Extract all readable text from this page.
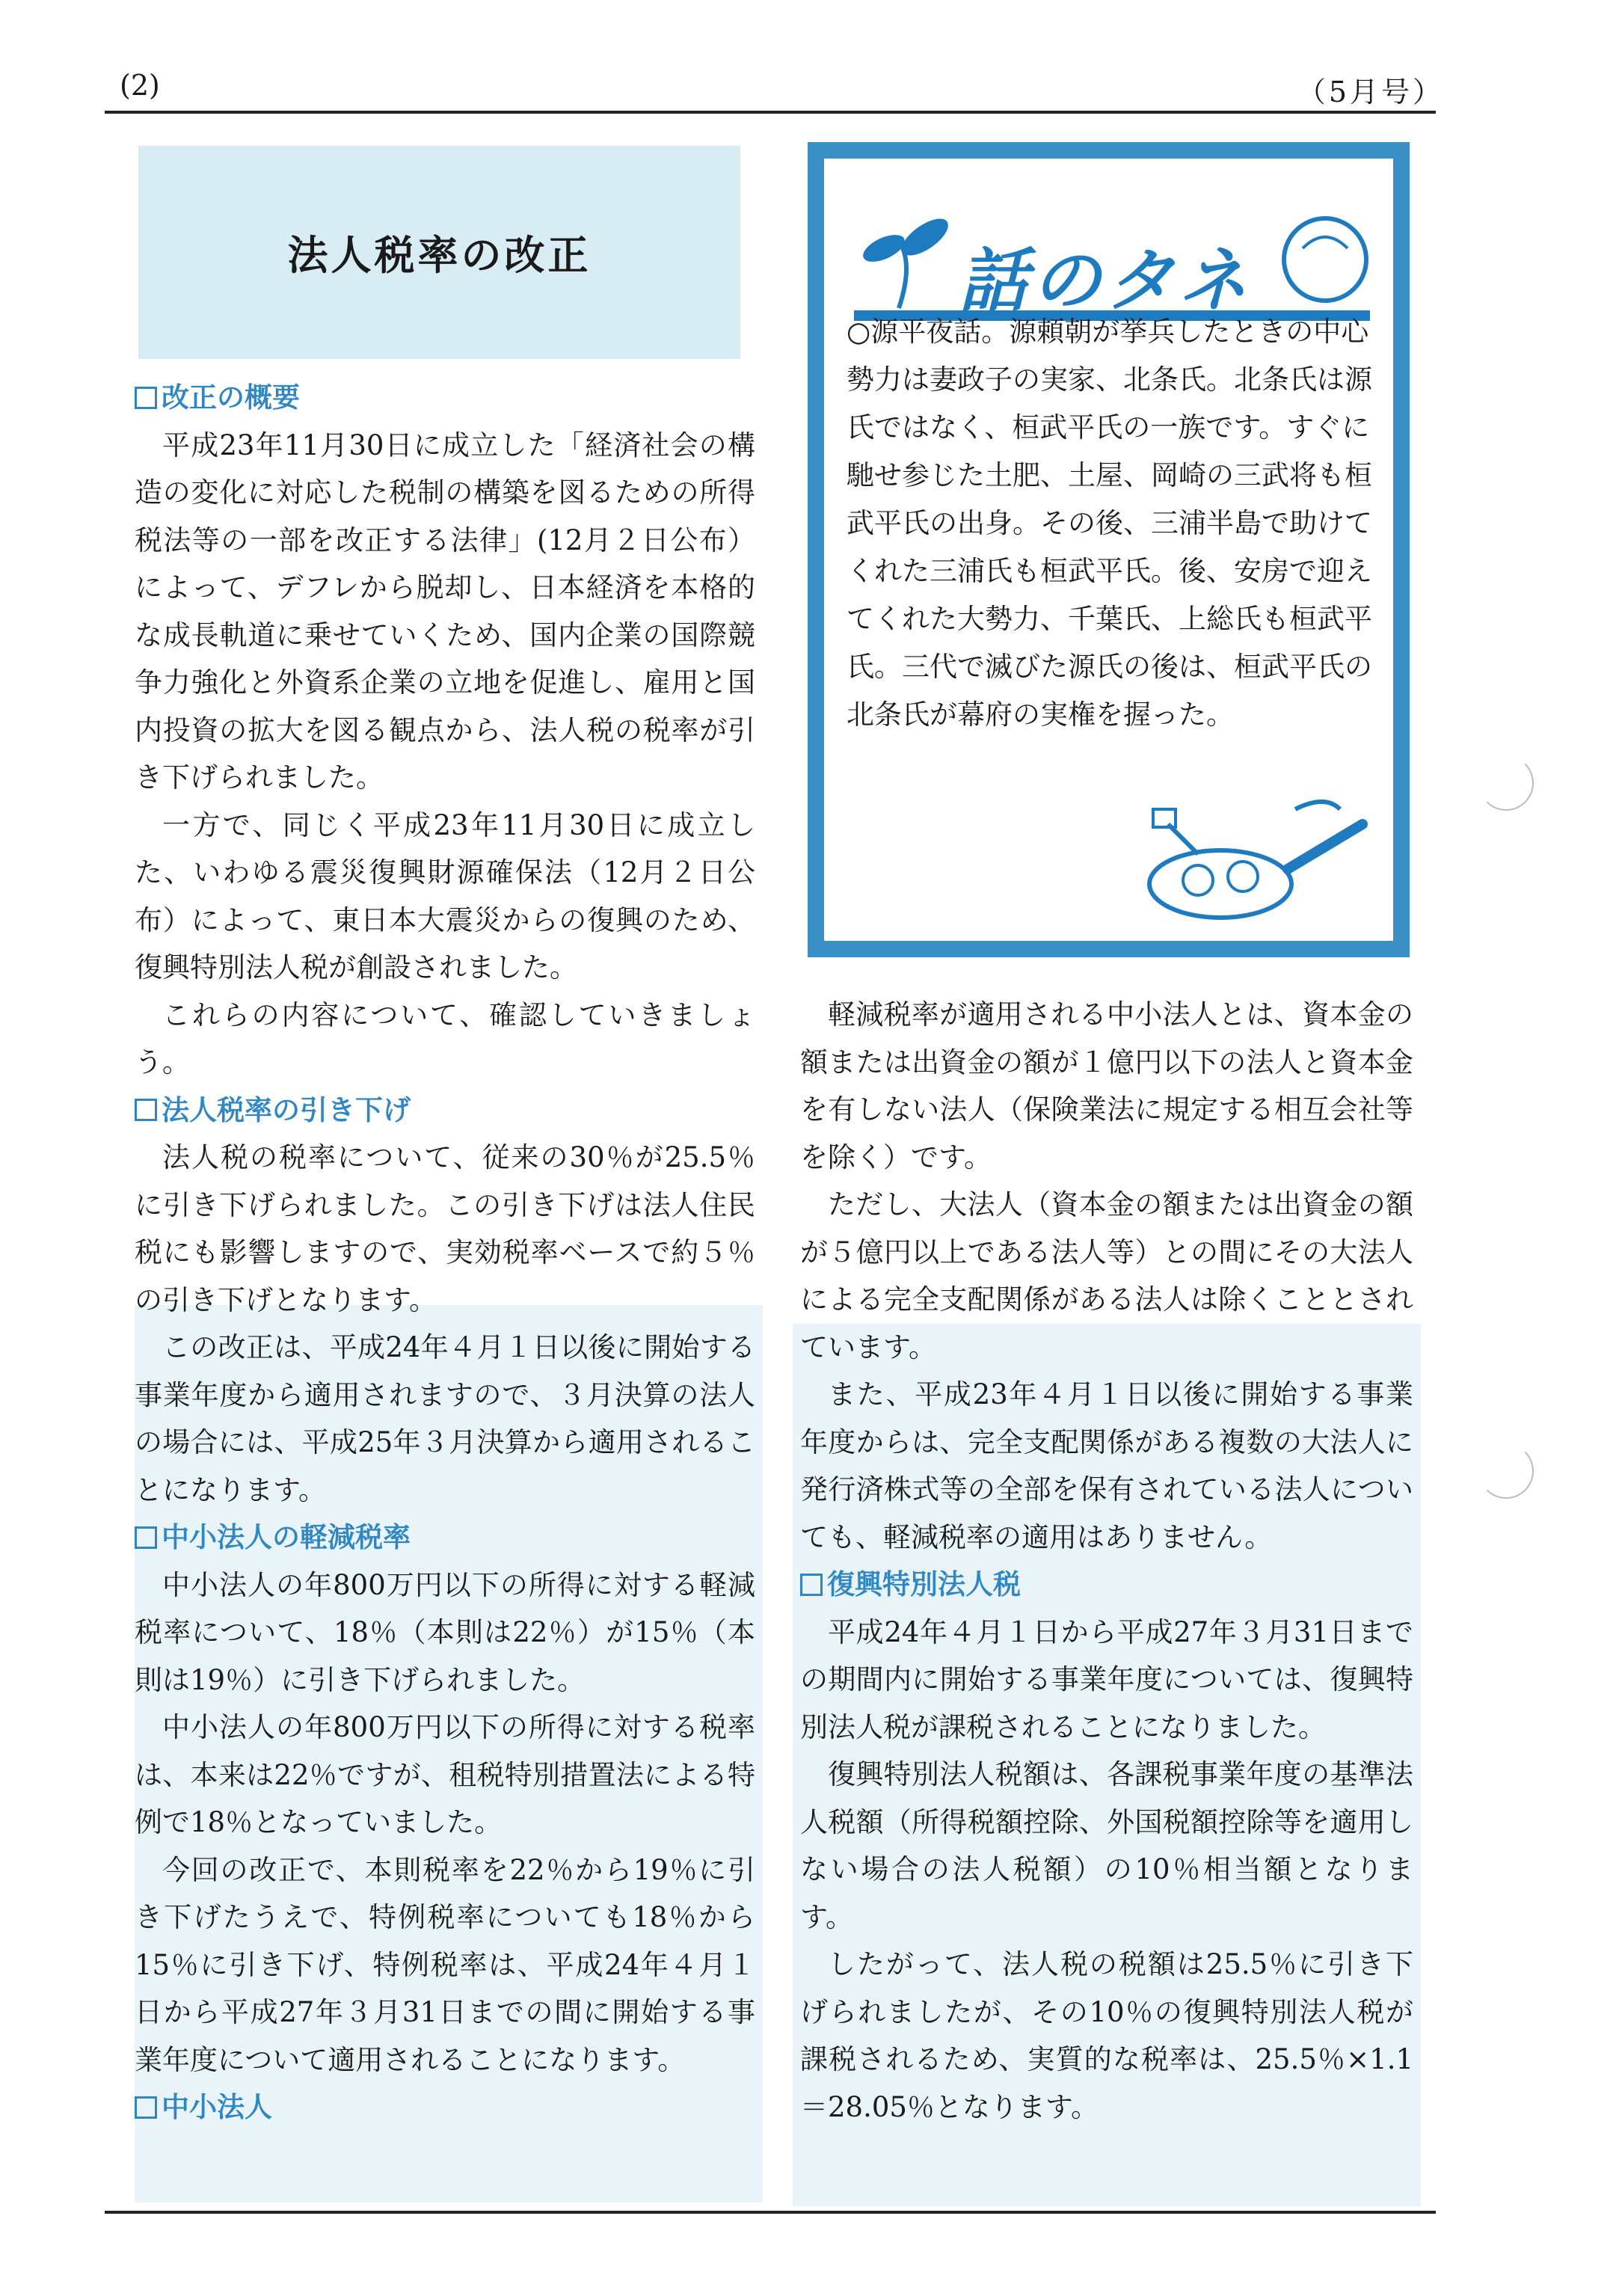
(2)	（5月号）
法人税率の改正
改正の概要

平成23年11月30日に成立した「経済社会の構造の変化に対応した税制の構築を図るための所得税法等の一部を改正する法律」(12月２日公布）によって、デフレから脱却し、日本経済を本格的な成長軌道に乗せていくため、国内企業の国際競争力強化と外資系企業の立地を促進し、雇用と国内投資の拡大を図る観点から、法人税の税率が引き下げられました。

一方で、同じく平成23年11月30日に成立した、いわゆる震災復興財源確保法（12月２日公布）によって、東日本大震災からの復興のため、復興特別法人税が創設されました。

これらの内容について、確認していきましょう。

法人税率の引き下げ

法人税の税率について、従来の30％が25.5％に引き下げられました。この引き下げは法人住民税にも影響しますので、実効税率ベースで約５％の引き下げとなります。

この改正は、平成24年４月１日以後に開始する事業年度から適用されますので、３月決算の法人の場合には、平成25年３月決算から適用されることになります。

中小法人の軽減税率

中小法人の年800万円以下の所得に対する軽減税率について、18％（本則は22％）が15％（本則は19％）に引き下げられました。

中小法人の年800万円以下の所得に対する税率は、本来は22％ですが、租税特別措置法による特例で18％となっていました。

今回の改正で、本則税率を22％から19％に引き下げたうえで、特例税率についても18％から15％に引き下げ、特例税率は、平成24年４月１日から平成27年３月31日までの間に開始する事業年度について適用されることになります。

中小法人

軽減税率が適用される中小法人とは、資本金の額または出資金の額が１億円以下の法人と資本金を有しない法人（保険業法に規定する相互会社等を除く）です。

ただし、大法人（資本金の額または出資金の額が５億円以上である法人等）との間にその大法人による完全支配関係がある法人は除くこととされています。

また、平成23年４月１日以後に開始する事業年度からは、完全支配関係がある複数の大法人に発行済株式等の全部を保有されている法人についても、軽減税率の適用はありません。

復興特別法人税

平成24年４月１日から平成27年３月31日までの期間内に開始する事業年度については、復興特別法人税が課税されることになりました。

復興特別法人税額は、各課税事業年度の基準法人税額（所得税額控除、外国税額控除等を適用しない場合の法人税額）の10％相当額となります。

したがって、法人税の税額は25.5％に引き下げられましたが、その10％の復興特別法人税が課税されるため、実質的な税率は、25.5％×1.1＝28.05％となります。

話のタネ

○源平夜話。源頼朝が挙兵したときの中心勢力は妻政子の実家、北条氏。北条氏は源氏ではなく、桓武平氏の一族です。すぐに馳せ参じた土肥、土屋、岡崎の三武将も桓武平氏の出身。その後、三浦半島で助けてくれた三浦氏も桓武平氏。後、安房で迎えてくれた大勢力、千葉氏、上総氏も桓武平氏。三代で滅びた源氏の後は、桓武平氏の北条氏が幕府の実権を握った。
